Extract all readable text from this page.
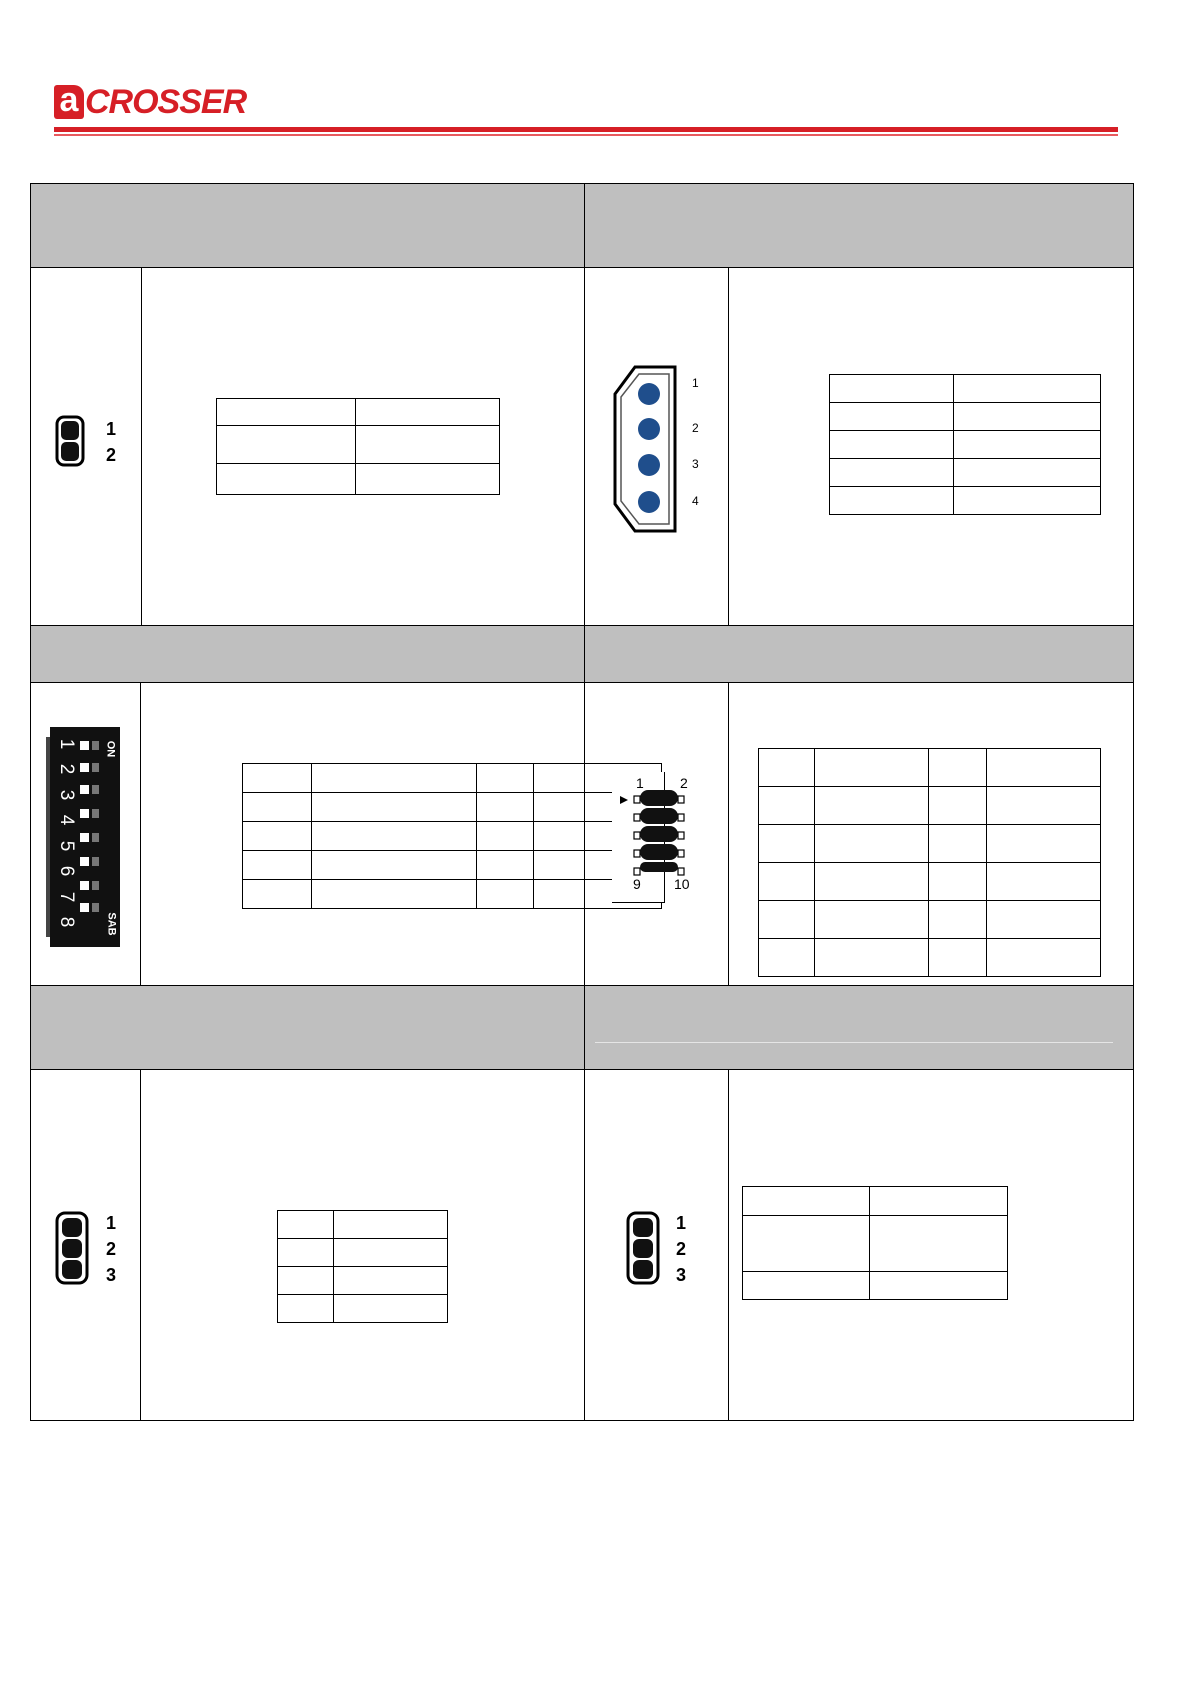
a CROSSER
1
2

1
2
3
4

1
2
3
4
5
6
7
8
ON
SAB

1	2
9 10

1
2
3

1
2
3
